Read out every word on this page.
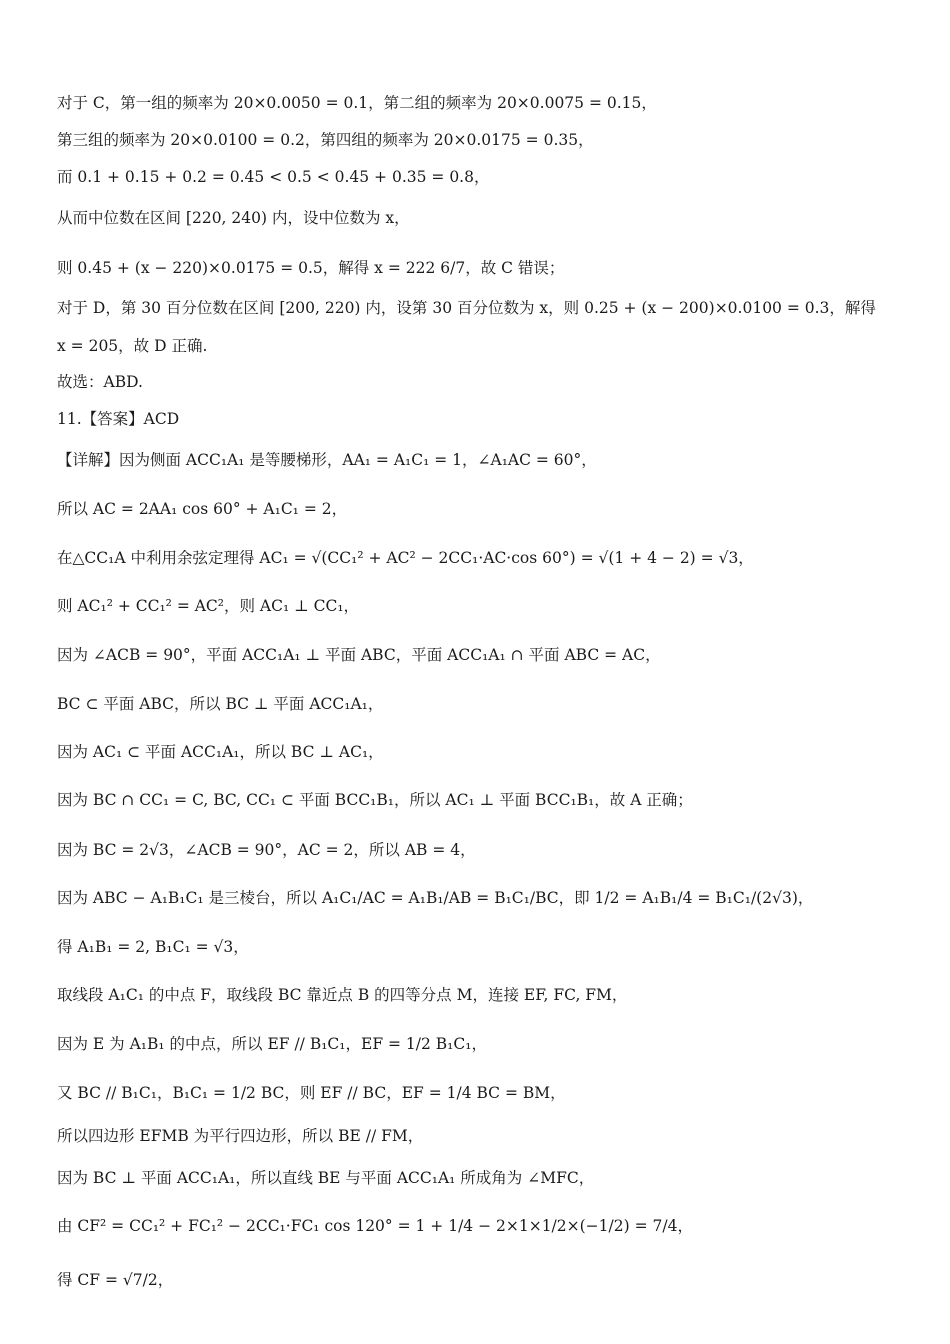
对于 C，第一组的频率为 20×0.0050 = 0.1，第二组的频率为 20×0.0075 = 0.15，
第三组的频率为 20×0.0100 = 0.2，第四组的频率为 20×0.0175 = 0.35，
而 0.1 + 0.15 + 0.2 = 0.45 < 0.5 < 0.45 + 0.35 = 0.8，
从而中位数在区间 [220, 240) 内，设中位数为 x，
则 0.45 + (x − 220)×0.0175 = 0.5，解得 x = 222 6/7，故 C 错误；
对于 D，第 30 百分位数在区间 [200, 220) 内，设第 30 百分位数为 x，则 0.25 + (x − 200)×0.0100 = 0.3，解得
x = 205，故 D 正确.
故选：ABD.
11.【答案】ACD
【详解】因为侧面 ACC₁A₁ 是等腰梯形，AA₁ = A₁C₁ = 1，∠A₁AC = 60°，
所以 AC = 2AA₁ cos 60° + A₁C₁ = 2，
在△CC₁A 中利用余弦定理得 AC₁ = √(CC₁² + AC² − 2CC₁·AC·cos 60°) = √(1 + 4 − 2) = √3，
则 AC₁² + CC₁² = AC²，则 AC₁ ⊥ CC₁，
因为 ∠ACB = 90°，平面 ACC₁A₁ ⊥ 平面 ABC，平面 ACC₁A₁ ∩ 平面 ABC = AC，
BC ⊂ 平面 ABC，所以 BC ⊥ 平面 ACC₁A₁，
因为 AC₁ ⊂ 平面 ACC₁A₁，所以 BC ⊥ AC₁，
因为 BC ∩ CC₁ = C, BC, CC₁ ⊂ 平面 BCC₁B₁，所以 AC₁ ⊥ 平面 BCC₁B₁，故 A 正确；
因为 BC = 2√3，∠ACB = 90°，AC = 2，所以 AB = 4，
因为 ABC − A₁B₁C₁ 是三棱台，所以 A₁C₁/AC = A₁B₁/AB = B₁C₁/BC，即 1/2 = A₁B₁/4 = B₁C₁/(2√3)，
得 A₁B₁ = 2, B₁C₁ = √3，
取线段 A₁C₁ 的中点 F，取线段 BC 靠近点 B 的四等分点 M，连接 EF, FC, FM，
因为 E 为 A₁B₁ 的中点，所以 EF // B₁C₁，EF = 1/2 B₁C₁，
又 BC // B₁C₁，B₁C₁ = 1/2 BC，则 EF // BC，EF = 1/4 BC = BM，
所以四边形 EFMB 为平行四边形，所以 BE // FM，
因为 BC ⊥ 平面 ACC₁A₁，所以直线 BE 与平面 ACC₁A₁ 所成角为 ∠MFC，
由 CF² = CC₁² + FC₁² − 2CC₁·FC₁ cos 120° = 1 + 1/4 − 2×1×1/2×(−1/2) = 7/4，
得 CF = √7/2，
